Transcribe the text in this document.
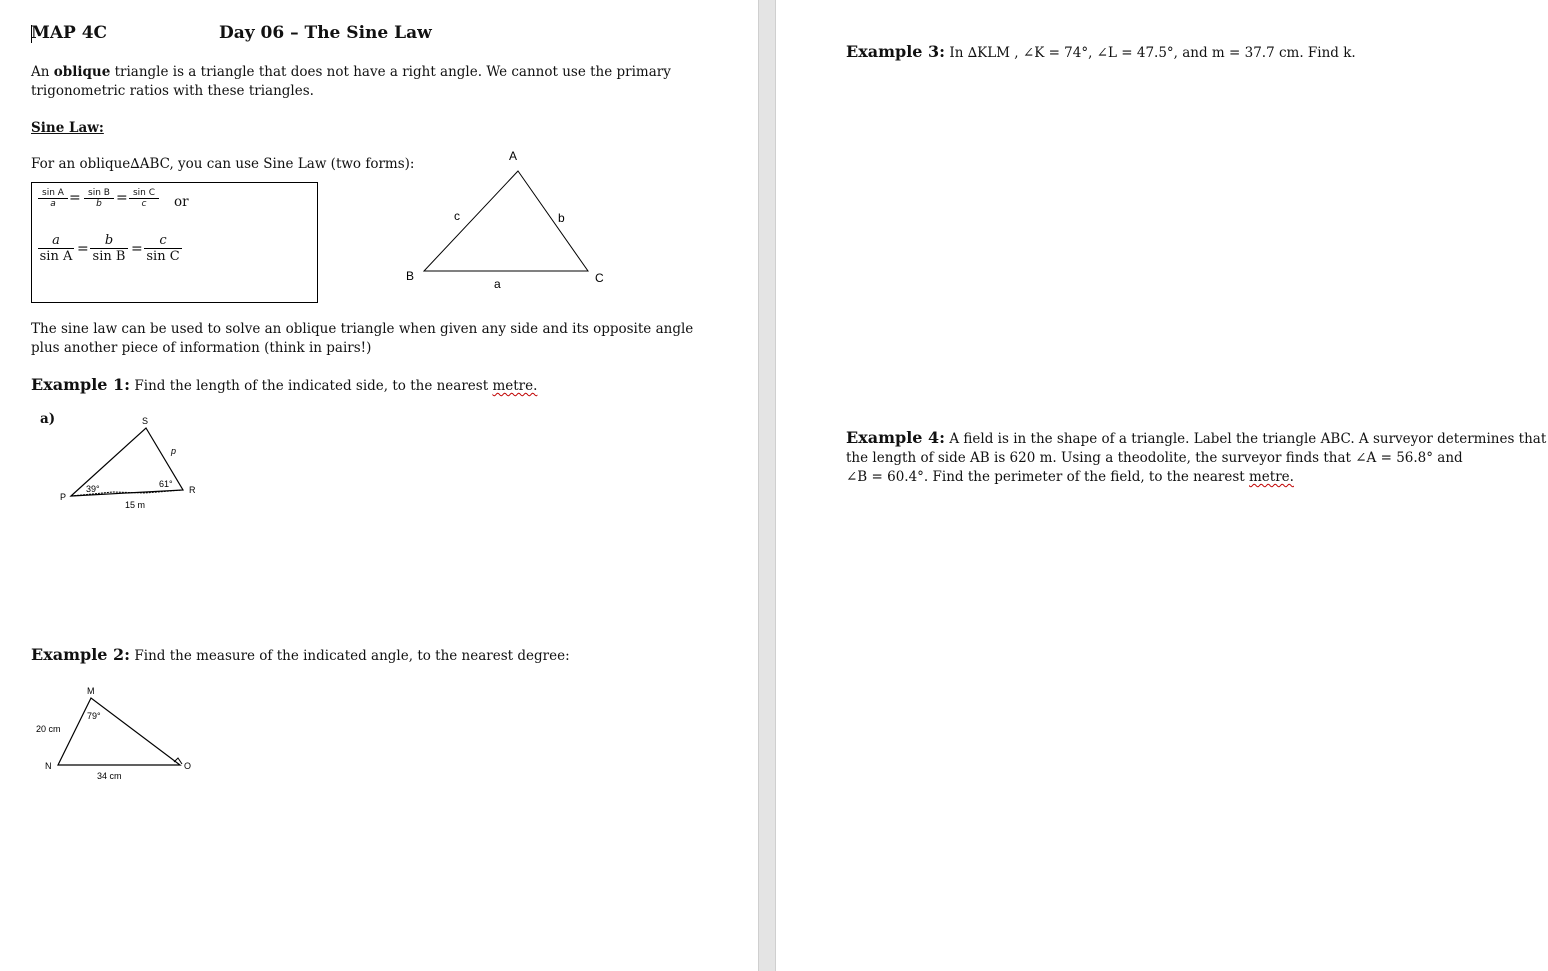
MAP 4C	Day 06 – The Sine Law
An oblique triangle is a triangle that does not have a right angle. We cannot use the primary
trigonometric ratios with these triangles.
Sine Law:
For an oblique∆ABC, you can use Sine Law (two forms):
$\frac{\text{sin A}}{a} = \frac{\text{sin B}}{b} = \frac{\text{sin C}}{c}$ or
$\frac{a}{\text{sin A}} = \frac{b}{\text{sin B}} = \frac{c}{\text{sin C}}$
A
B	C
a
b
c
The sine law can be used to solve an oblique triangle when given any side and its opposite angle
plus another piece of information (think in pairs!)
Example 1: Find the length of the indicated side, to the nearest metre.
a)	S
P
R
p
39°	61°
15 m
Example 2: Find the measure of the indicated angle, to the nearest degree:
M
N	O
79°
20 cm
34 cm
Example 3: In ∆KLM , ∠K = 74°, ∠L = 47.5°, and m = 37.7 cm. Find k.
Example 4: A field is in the shape of a triangle. Label the triangle ABC. A surveyor determines that
the length of side AB is 620 m. Using a theodolite, the surveyor finds that ∠A = 56.8° and
∠B = 60.4°. Find the perimeter of the field, to the nearest metre.
